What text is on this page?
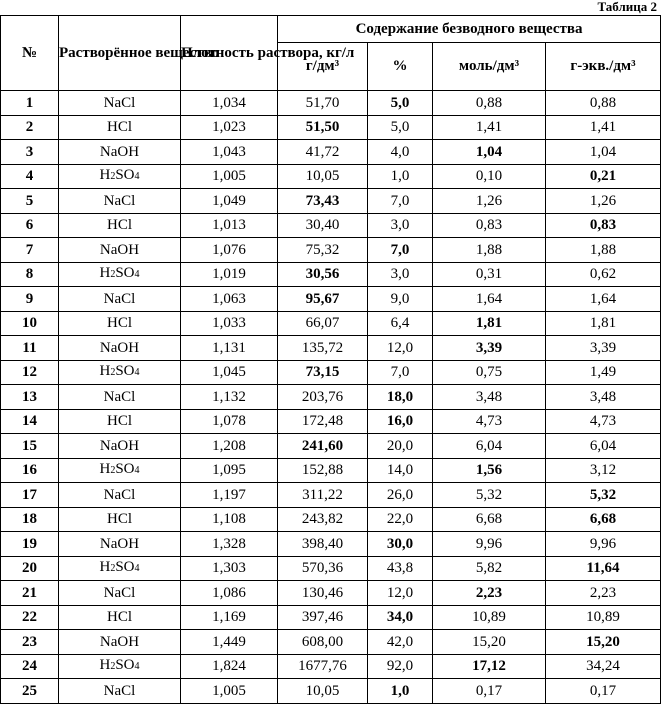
Таблица 2
№	Растворённое вещество	Плотность раствора, кг/л	Содержание безводного вещества			
			г/дм³	%	моль/дм³	г-экв./дм³
1	NaCl	1,034	51,70	5,0	0,88	0,88
2	HCl	1,023	51,50	5,0	1,41	1,41
3	NaOH	1,043	41,72	4,0	1,04	1,04
4	H2SO4	1,005	10,05	1,0	0,10	0,21
5	NaCl	1,049	73,43	7,0	1,26	1,26
6	HCl	1,013	30,40	3,0	0,83	0,83
7	NaOH	1,076	75,32	7,0	1,88	1,88
8	H2SO4	1,019	30,56	3,0	0,31	0,62
9	NaCl	1,063	95,67	9,0	1,64	1,64
10	HCl	1,033	66,07	6,4	1,81	1,81
11	NaOH	1,131	135,72	12,0	3,39	3,39
12	H2SO4	1,045	73,15	7,0	0,75	1,49
13	NaCl	1,132	203,76	18,0	3,48	3,48
14	HCl	1,078	172,48	16,0	4,73	4,73
15	NaOH	1,208	241,60	20,0	6,04	6,04
16	H2SO4	1,095	152,88	14,0	1,56	3,12
17	NaCl	1,197	311,22	26,0	5,32	5,32
18	HCl	1,108	243,82	22,0	6,68	6,68
19	NaOH	1,328	398,40	30,0	9,96	9,96
20	H2SO4	1,303	570,36	43,8	5,82	11,64
21	NaCl	1,086	130,46	12,0	2,23	2,23
22	HCl	1,169	397,46	34,0	10,89	10,89
23	NaOH	1,449	608,00	42,0	15,20	15,20
24	H2SO4	1,824	1677,76	92,0	17,12	34,24
25	NaCl	1,005	10,05	1,0	0,17	0,17
